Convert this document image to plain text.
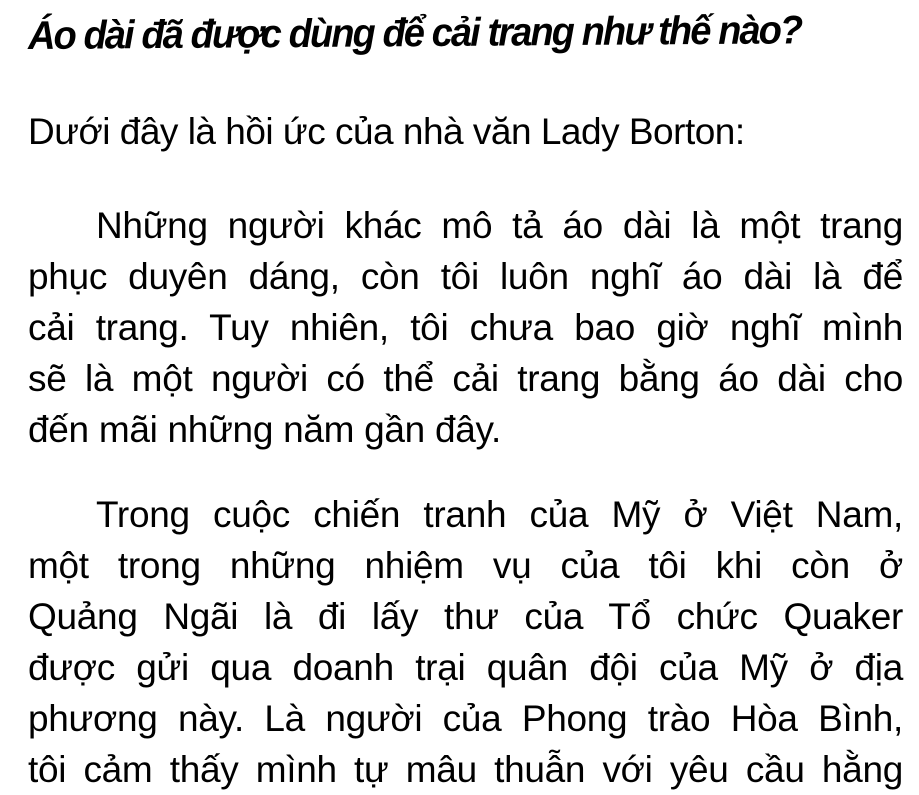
Áo dài đã được dùng để cải trang như thế nào?

Dưới đây là hồi ức của nhà văn Lady Borton:

Những người khác mô tả áo dài là một trang
phục duyên dáng, còn tôi luôn nghĩ áo dài là để
cải trang. Tuy nhiên, tôi chưa bao giờ nghĩ mình
sẽ là một người có thể cải trang bằng áo dài cho
đến mãi những năm gần đây.
Trong cuộc chiến tranh của Mỹ ở Việt Nam,
một trong những nhiệm vụ của tôi khi còn ở
Quảng Ngãi là đi lấy thư của Tổ chức Quaker
được gửi qua doanh trại quân đội của Mỹ ở địa
phương này. Là người của Phong trào Hòa Bình,
tôi cảm thấy mình tự mâu thuẫn với yêu cầu hằng
